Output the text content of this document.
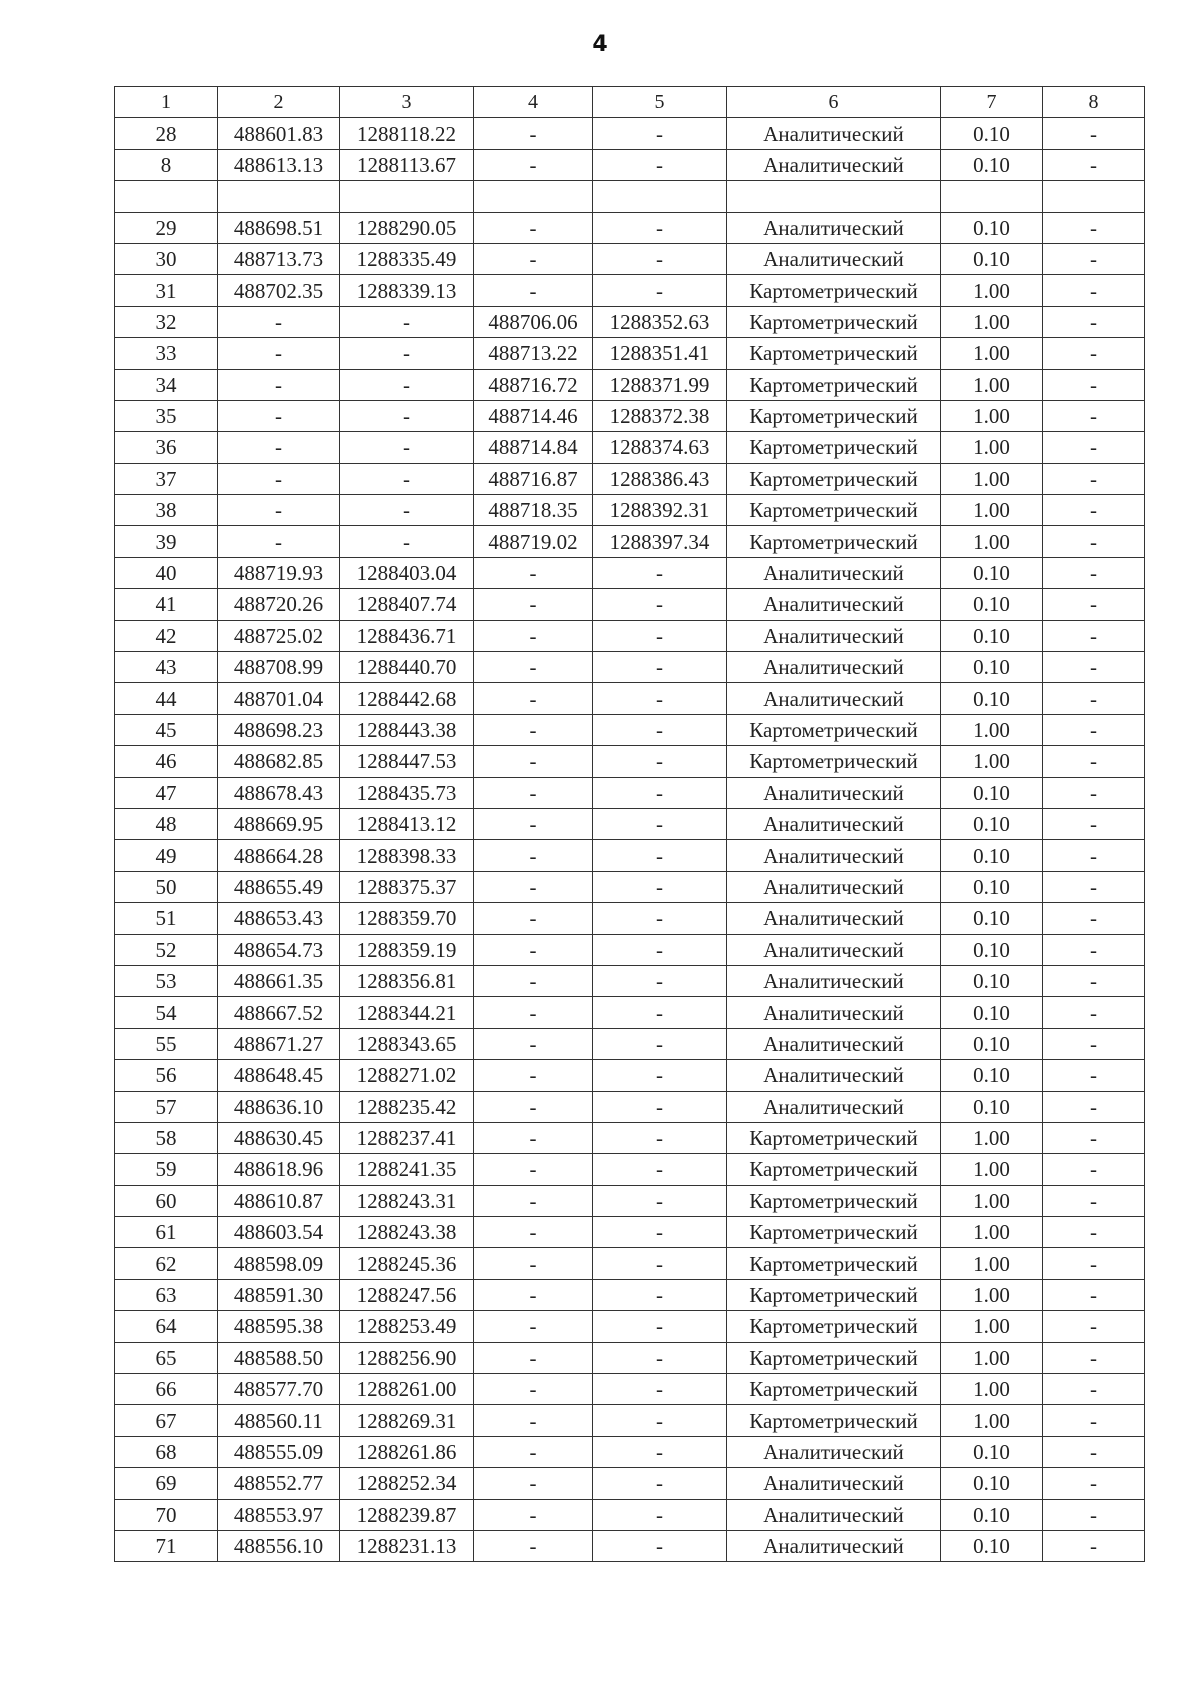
4
1	2	3	4	5	6	7	8
28	488601.83	1288118.22	-	-	Аналитический	0.10	-
8	488613.13	1288113.67	-	-	Аналитический	0.10	-

29	488698.51	1288290.05	-	-	Аналитический	0.10	-
30	488713.73	1288335.49	-	-	Аналитический	0.10	-
31	488702.35	1288339.13	-	-	Картометрический	1.00	-
32	-	-	488706.06	1288352.63	Картометрический	1.00	-
33	-	-	488713.22	1288351.41	Картометрический	1.00	-
34	-	-	488716.72	1288371.99	Картометрический	1.00	-
35	-	-	488714.46	1288372.38	Картометрический	1.00	-
36	-	-	488714.84	1288374.63	Картометрический	1.00	-
37	-	-	488716.87	1288386.43	Картометрический	1.00	-
38	-	-	488718.35	1288392.31	Картометрический	1.00	-
39	-	-	488719.02	1288397.34	Картометрический	1.00	-
40	488719.93	1288403.04	-	-	Аналитический	0.10	-
41	488720.26	1288407.74	-	-	Аналитический	0.10	-
42	488725.02	1288436.71	-	-	Аналитический	0.10	-
43	488708.99	1288440.70	-	-	Аналитический	0.10	-
44	488701.04	1288442.68	-	-	Аналитический	0.10	-
45	488698.23	1288443.38	-	-	Картометрический	1.00	-
46	488682.85	1288447.53	-	-	Картометрический	1.00	-
47	488678.43	1288435.73	-	-	Аналитический	0.10	-
48	488669.95	1288413.12	-	-	Аналитический	0.10	-
49	488664.28	1288398.33	-	-	Аналитический	0.10	-
50	488655.49	1288375.37	-	-	Аналитический	0.10	-
51	488653.43	1288359.70	-	-	Аналитический	0.10	-
52	488654.73	1288359.19	-	-	Аналитический	0.10	-
53	488661.35	1288356.81	-	-	Аналитический	0.10	-
54	488667.52	1288344.21	-	-	Аналитический	0.10	-
55	488671.27	1288343.65	-	-	Аналитический	0.10	-
56	488648.45	1288271.02	-	-	Аналитический	0.10	-
57	488636.10	1288235.42	-	-	Аналитический	0.10	-
58	488630.45	1288237.41	-	-	Картометрический	1.00	-
59	488618.96	1288241.35	-	-	Картометрический	1.00	-
60	488610.87	1288243.31	-	-	Картометрический	1.00	-
61	488603.54	1288243.38	-	-	Картометрический	1.00	-
62	488598.09	1288245.36	-	-	Картометрический	1.00	-
63	488591.30	1288247.56	-	-	Картометрический	1.00	-
64	488595.38	1288253.49	-	-	Картометрический	1.00	-
65	488588.50	1288256.90	-	-	Картометрический	1.00	-
66	488577.70	1288261.00	-	-	Картометрический	1.00	-
67	488560.11	1288269.31	-	-	Картометрический	1.00	-
68	488555.09	1288261.86	-	-	Аналитический	0.10	-
69	488552.77	1288252.34	-	-	Аналитический	0.10	-
70	488553.97	1288239.87	-	-	Аналитический	0.10	-
71	488556.10	1288231.13	-	-	Аналитический	0.10	-
